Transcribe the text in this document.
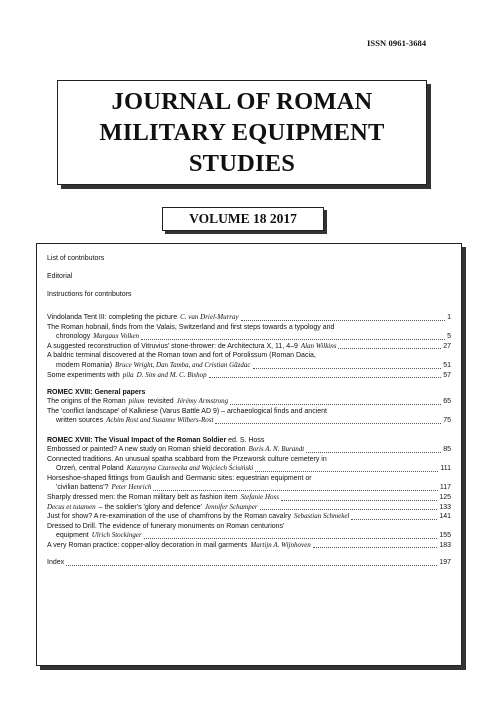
ISSN 0961-3684
JOURNAL OF ROMAN
MILITARY EQUIPMENT
STUDIES
VOLUME 18 2017
List of contributors
Editorial
Instructions for contributors
Vindolanda Tent III: completing the picture C. van Driel-Murray	1
The Roman hobnail, finds from the Valais, Switzerland and first steps towards a typology and
chronology Margaux Volken	5
A suggested reconstruction of Vitruvius' stone-thrower: de Architectura X, 11, 4–9 Alan Wilkins	27
A baldric terminal discovered at the Roman town and fort of Porolissum (Roman Dacia,
modern Romania) Bruce Wright, Dan Tamba, and Cristian Găzdac	51
Some experiments with pila D. Sim and M. C. Bishop	57
ROMEC XVIII: General papers
The origins of the Roman pilum revisited Jérémy Armstrong	65
The 'conflict landscape' of Kalkriese (Varus Battle AD 9) – archaeological finds and ancient
written sources Achim Rost and Susanne Wilbers-Rost	75
ROMEC XVIII: The Visual Impact of the Roman Soldier ed. S. Hoss
Embossed or painted? A new study on Roman shield decoration Boris A. N. Burandt	85
Connected traditions. An unusual spatha scabbard from the Przeworsk culture cemetery in
Orzeń, central Poland Katarzyna Czarnecka and Wojciech Ścisiński	111
Horseshoe-shaped fittings from Gaulish and Germanic sites: equestrian equipment or
'civilian battens'? Peter Henrich	117
Sharply dressed men: the Roman military belt as fashion item Stefanie Hoss	125
Decus et tutamen – the soldier's 'glory and defence' Jennifer Schamper	133
Just for show? A re-examination of the use of chamfrons by the Roman cavalry Sebastian Schmekel	141
Dressed to Drill. The evidence of funerary monuments on Roman centurions'
equipment Ulrich Stockinger	155
A very Roman practice: copper-alloy decoration in mail garments Martijn A. Wijnhoven	183
Index	197
